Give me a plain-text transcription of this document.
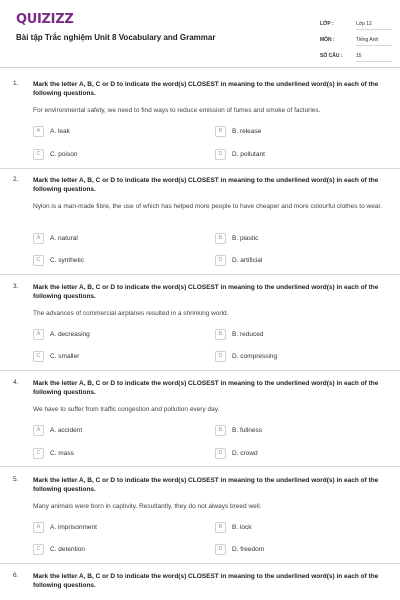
QUIZIZZ
Bài tập Trắc nghiệm Unit 8 Vocabulary and Grammar
LỚP :	Lớp 12
MÔN :	Tiếng Anh
SỐ CÂU :	15
1. Mark the letter A, B, C or D to indicate the word(s) CLOSEST in meaning to the underlined word(s) in each of the following questions.
For environmental safety, we need to find ways to reduce emission of fumes and smoke of factories.
A	A. leak	B	B. release
C	C. poison	D	D. pollutant
2. Mark the letter A, B, C or D to indicate the word(s) CLOSEST in meaning to the underlined word(s) in each of the following questions.
Nylon is a man-made fibre, the use of which has helped more people to have cheaper and more colourful clothes to wear.
A	A. natural	B	B. plastic
C	C. synthetic	D	D. artificial
3. Mark the letter A, B, C or D to indicate the word(s) CLOSEST in meaning to the underlined word(s) in each of the following questions.
The advances of commercial airplanes resulted in a shrinking world.
A	A. decreasing	B	B. reduced
C	C. smaller	D	D. compressing
4. Mark the letter A, B, C or D to indicate the word(s) CLOSEST in meaning to the underlined word(s) in each of the following questions.
We have to suffer from traffic congestion and pollution every day.
A	A. accident	B	B. fullness
C	C. mass	D	D. crowd
5. Mark the letter A, B, C or D to indicate the word(s) CLOSEST in meaning to the underlined word(s) in each of the following questions.
Many animals were born in captivity. Resultantly, they do not always breed well.
A	A. imprisonment	B	B. lock
C	C. detention	D	D. freedom
6. Mark the letter A, B, C or D to indicate the word(s) CLOSEST in meaning to the underlined word(s) in each of the following questions.
